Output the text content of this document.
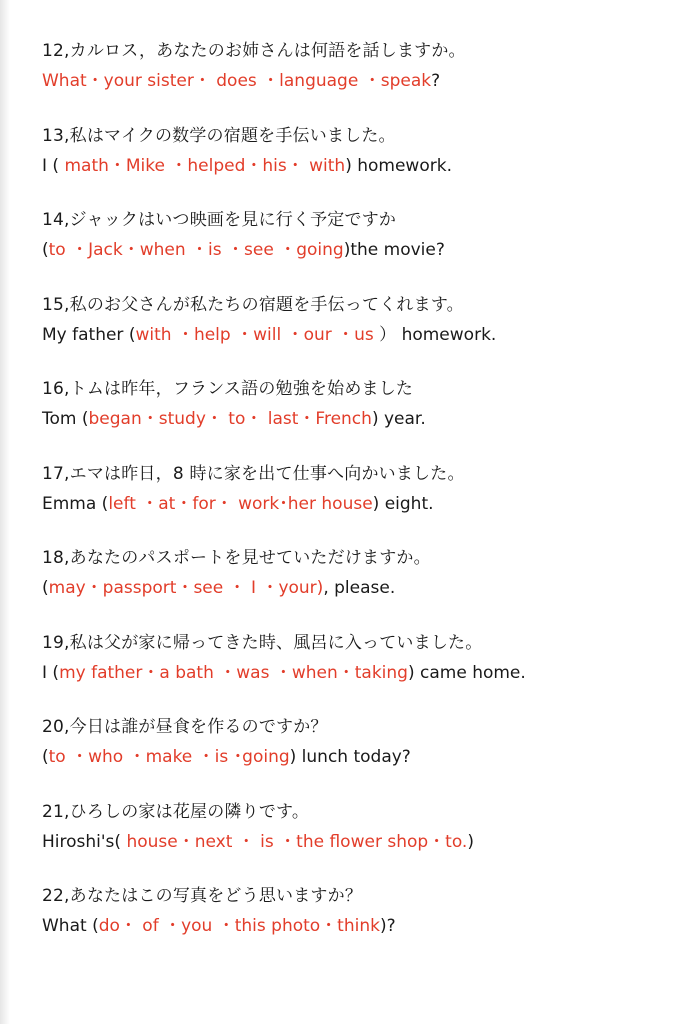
12,カルロス，あなたのお姉さんは何語を話しますか。
What・your sister・ does ・language ・speak?
13,私はマイクの数学の宿題を手伝いました。
I ( math・Mike ・helped・his・ with) homework.
14,ジャックはいつ映画を見に行く予定ですか
(to ・Jack・when ・is ・see ・going)the movie?
15,私のお父さんが私たちの宿題を手伝ってくれます。
My father (with ・help ・will ・our ・us ） homework.
16,トムは昨年，フランス語の勉強を始めました
Tom (began・study・ to・ last・French) year.
17,エマは昨日，8 時に家を出て仕事へ向かいました。
Emma (left ・at・for・ work･her house) eight.
18,あなたのパスポートを見せていただけますか。
(may・passport・see ・ I ・your), please.
19,私は父が家に帰ってきた時、風呂に入っていました。
I (my father・a bath ・was ・when・taking) came home.
20,今日は誰が昼食を作るのですか？
(to ・who ・make ・is ･going) lunch today?
21,ひろしの家は花屋の隣りです。
Hiroshi's( house・next ・ is ・the flower shop・to.)
22,あなたはこの写真をどう思いますか？
What (do・ of ・you ・this photo・think)?
